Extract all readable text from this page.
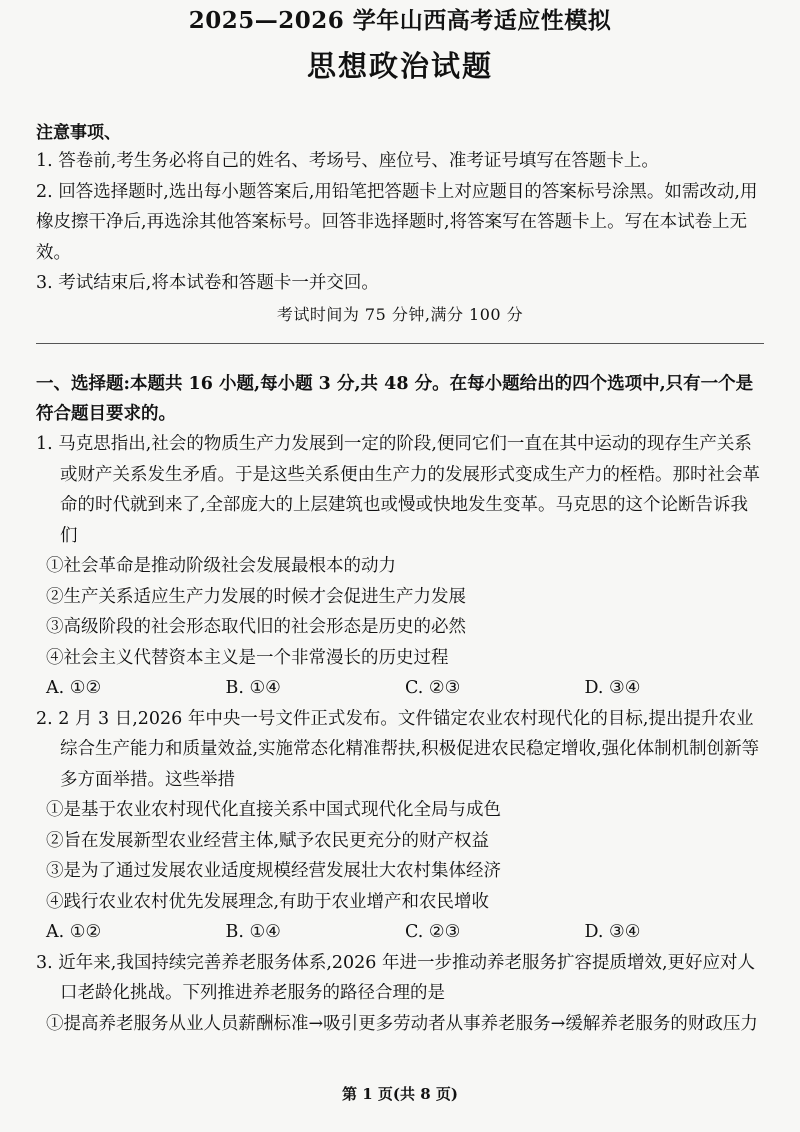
2025—2026 学年山西高考适应性模拟
思想政治试题
注意事项、

1. 答卷前,考生务必将自己的姓名、考场号、座位号、准考证号填写在答题卡上。

2. 回答选择题时,选出每小题答案后,用铅笔把答题卡上对应题目的答案标号涂黑。如需改动,用橡皮擦干净后,再选涂其他答案标号。回答非选择题时,将答案写在答题卡上。写在本试卷上无效。

3. 考试结束后,将本试卷和答题卡一并交回。

考试时间为 75 分钟,满分 100 分
一、选择题:本题共 16 小题,每小题 3 分,共 48 分。在每小题给出的四个选项中,只有一个是符合题目要求的。
1. 马克思指出,社会的物质生产力发展到一定的阶段,便同它们一直在其中运动的现存生产关系或财产关系发生矛盾。于是这些关系便由生产力的发展形式变成生产力的桎梏。那时社会革命的时代就到来了,全部庞大的上层建筑也或慢或快地发生变革。马克思的这个论断告诉我们
①社会革命是推动阶级社会发展最根本的动力
②生产关系适应生产力发展的时候才会促进生产力发展
③高级阶段的社会形态取代旧的社会形态是历史的必然
④社会主义代替资本主义是一个非常漫长的历史过程
A. ①②	B. ①④	C. ②③	D. ③④
2. 2 月 3 日,2026 年中央一号文件正式发布。文件锚定农业农村现代化的目标,提出提升农业综合生产能力和质量效益,实施常态化精准帮扶,积极促进农民稳定增收,强化体制机制创新等多方面举措。这些举措
①是基于农业农村现代化直接关系中国式现代化全局与成色
②旨在发展新型农业经营主体,赋予农民更充分的财产权益
③是为了通过发展农业适度规模经营发展壮大农村集体经济
④践行农业农村优先发展理念,有助于农业增产和农民增收
A. ①②	B. ①④	C. ②③	D. ③④
3. 近年来,我国持续完善养老服务体系,2026 年进一步推动养老服务扩容提质增效,更好应对人口老龄化挑战。下列推进养老服务的路径合理的是
①提高养老服务从业人员薪酬标准→吸引更多劳动者从事养老服务→缓解养老服务的财政压力
第 1 页(共 8 页)
